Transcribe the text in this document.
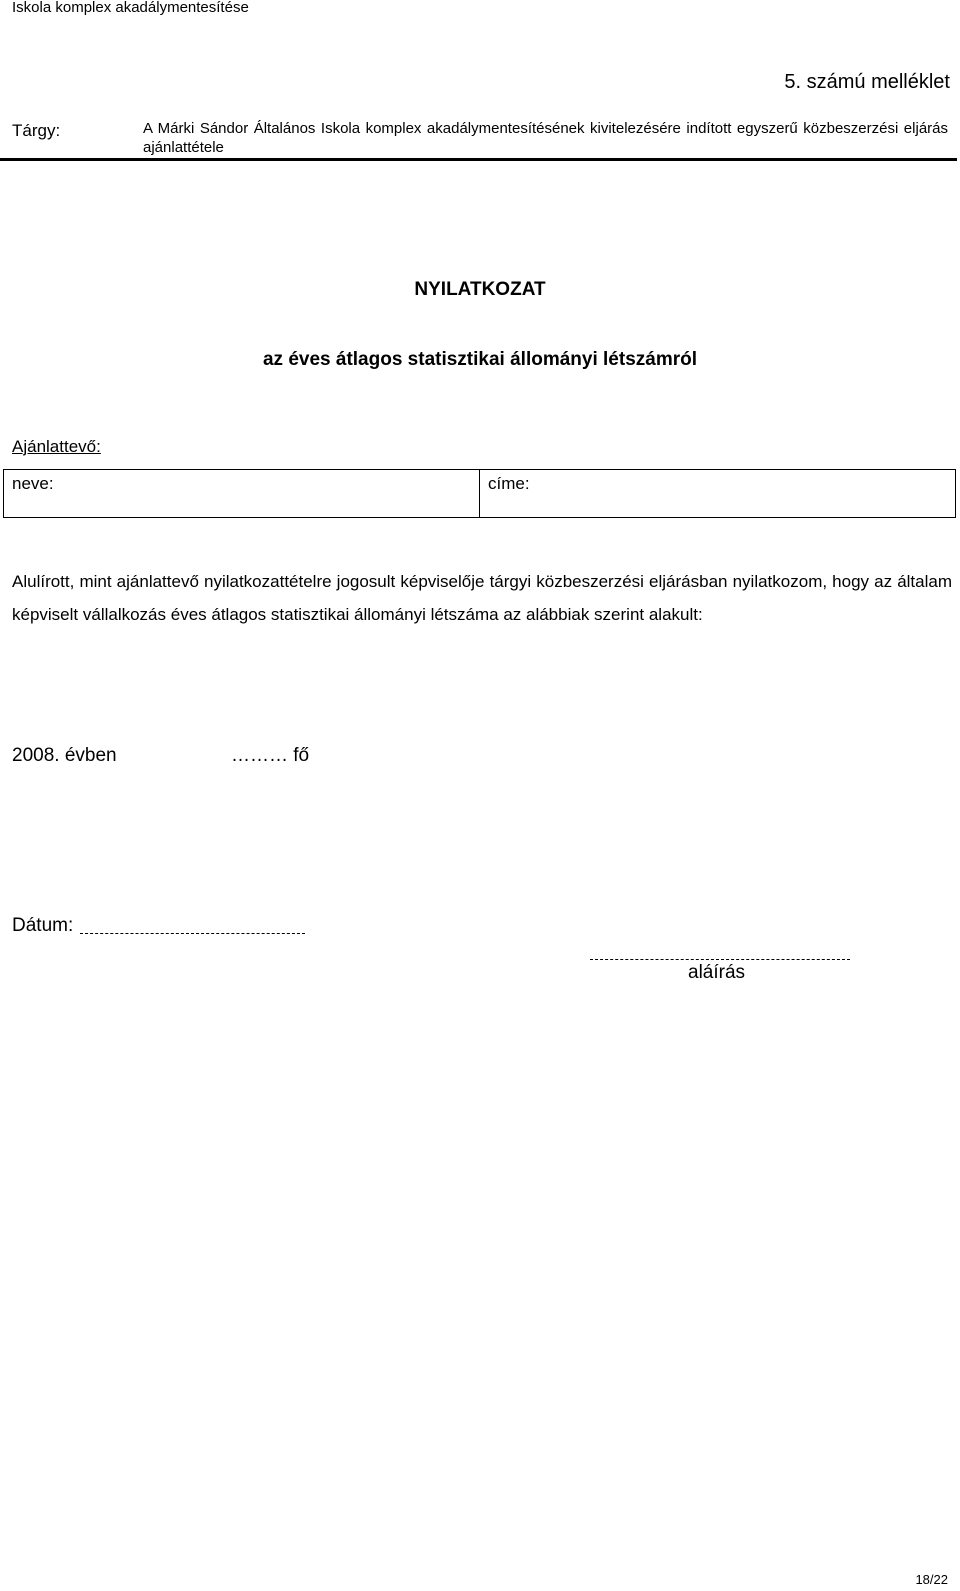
Iskola komplex akadálymentesítése
5. számú melléklet
Tárgy:	A Márki Sándor Általános Iskola komplex akadálymentesítésének kivitelezésére indított egyszerű közbeszerzési eljárás ajánlattétele
NYILATKOZAT
az éves átlagos statisztikai állományi létszámról
Ajánlattevő:
neve:	címe:
Alulírott, mint ajánlattevő nyilatkozattételre jogosult képviselője tárgyi közbeszerzési eljárásban nyilatkozom, hogy az általam képviselt vállalkozás éves átlagos statisztikai állományi létszáma az alábbiak szerint alakult:
2008. évben	……… fő
Dátum:
aláírás
18/22
